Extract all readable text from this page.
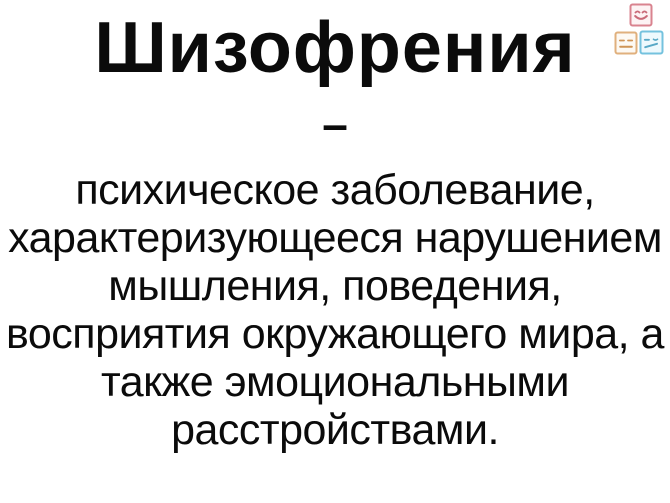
Шизофрения
–
психическое заболевание,
характеризующееся нарушением
мышления, поведения,
восприятия окружающего мира, а
также эмоциональными
расстройствами.
